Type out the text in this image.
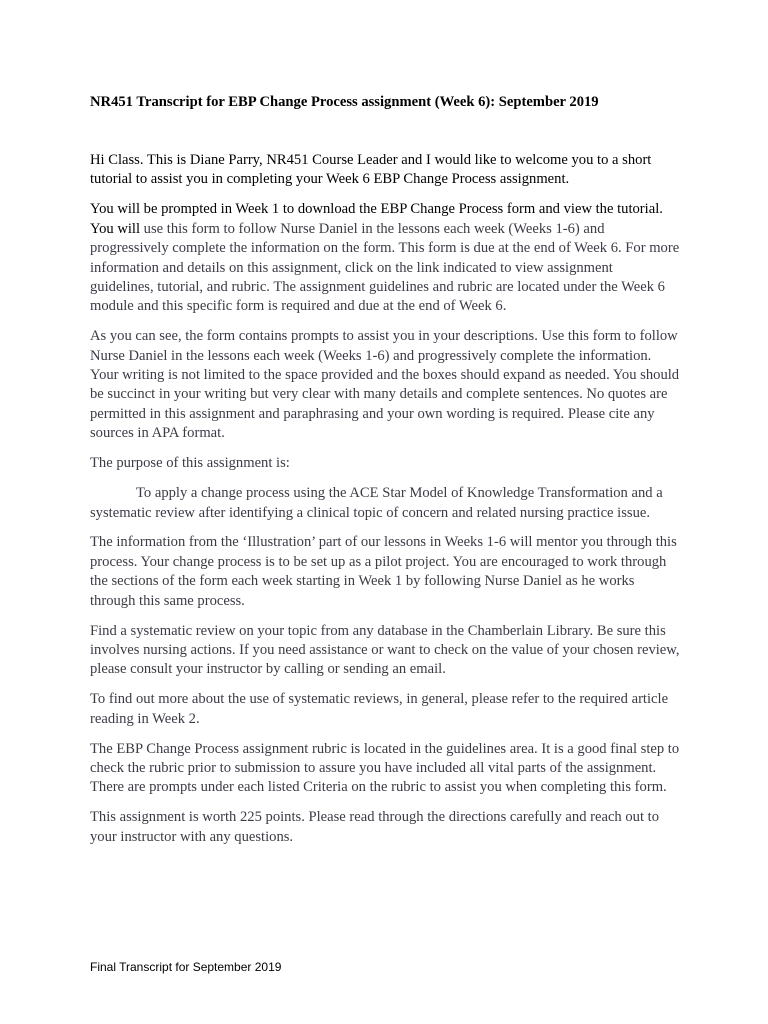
NR451 Transcript for EBP Change Process assignment (Week 6): September 2019

Hi Class. This is Diane Parry, NR451 Course Leader and I would like to welcome you to a short tutorial to assist you in completing your Week 6 EBP Change Process assignment.

You will be prompted in Week 1 to download the EBP Change Process form and view the tutorial. You will use this form to follow Nurse Daniel in the lessons each week (Weeks 1-6) and progressively complete the information on the form. This form is due at the end of Week 6. For more information and details on this assignment, click on the link indicated to view assignment guidelines, tutorial, and rubric. The assignment guidelines and rubric are located under the Week 6 module and this specific form is required and due at the end of Week 6.

As you can see, the form contains prompts to assist you in your descriptions. Use this form to follow Nurse Daniel in the lessons each week (Weeks 1-6) and progressively complete the information. Your writing is not limited to the space provided and the boxes should expand as needed. You should be succinct in your writing but very clear with many details and complete sentences. No quotes are permitted in this assignment and paraphrasing and your own wording is required. Please cite any sources in APA format.

The purpose of this assignment is:

To apply a change process using the ACE Star Model of Knowledge Transformation and a systematic review after identifying a clinical topic of concern and related nursing practice issue.

The information from the ‘Illustration’ part of our lessons in Weeks 1-6 will mentor you through this process. Your change process is to be set up as a pilot project. You are encouraged to work through the sections of the form each week starting in Week 1 by following Nurse Daniel as he works through this same process.

Find a systematic review on your topic from any database in the Chamberlain Library. Be sure this involves nursing actions. If you need assistance or want to check on the value of your chosen review, please consult your instructor by calling or sending an email.

To find out more about the use of systematic reviews, in general, please refer to the required article reading in Week 2.

The EBP Change Process assignment rubric is located in the guidelines area. It is a good final step to check the rubric prior to submission to assure you have included all vital parts of the assignment. There are prompts under each listed Criteria on the rubric to assist you when completing this form.

This assignment is worth 225 points. Please read through the directions carefully and reach out to your instructor with any questions.

Final Transcript for September 2019
